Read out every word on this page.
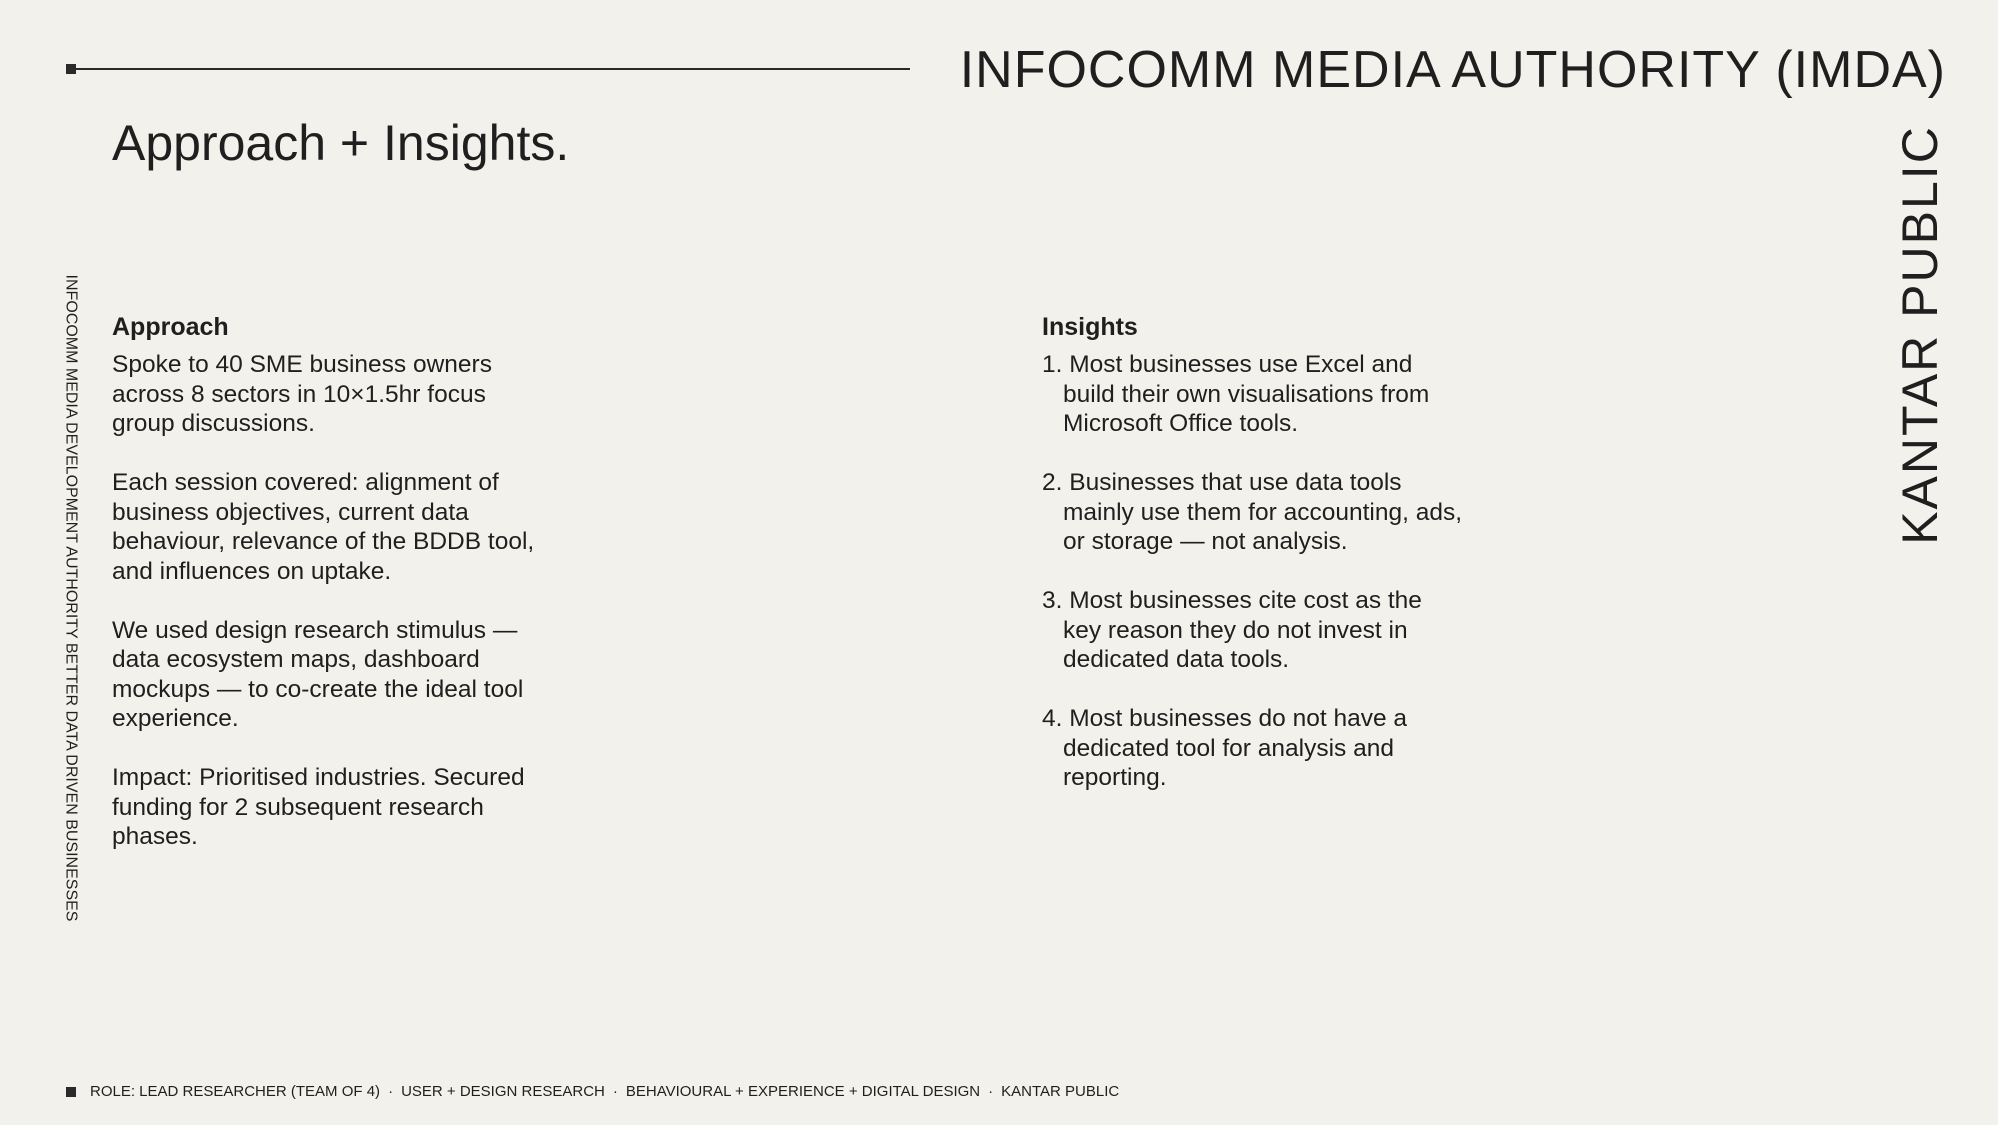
INFOCOMM MEDIA AUTHORITY (IMDA)
Approach + Insights.	KANTAR PUBLIC
INFOCOMM MEDIA DEVELOPMENT AUTHORITY BETTER DATA DRIVEN BUSINESSES Approach

Spoke to 40 SME business owners across 8 sectors in 10×1.5hr focus group discussions.

Each session covered: alignment of business objectives, current data behaviour, relevance of the BDDB tool, and influences on uptake.

We used design research stimulus — data ecosystem maps, dashboard mockups — to co-create the ideal tool experience.

Impact: Prioritised industries. Secured funding for 2 subsequent research phases.

Insights
1. Most businesses use Excel and build their own visualisations from Microsoft Office tools.
2. Businesses that use data tools mainly use them for accounting, ads, or storage — not analysis.
3. Most businesses cite cost as the key reason they do not invest in dedicated data tools.
4. Most businesses do not have a dedicated tool for analysis and reporting.
ROLE: LEAD RESEARCHER (TEAM OF 4) · USER + DESIGN RESEARCH · BEHAVIOURAL + EXPERIENCE + DIGITAL DESIGN · KANTAR PUBLIC
